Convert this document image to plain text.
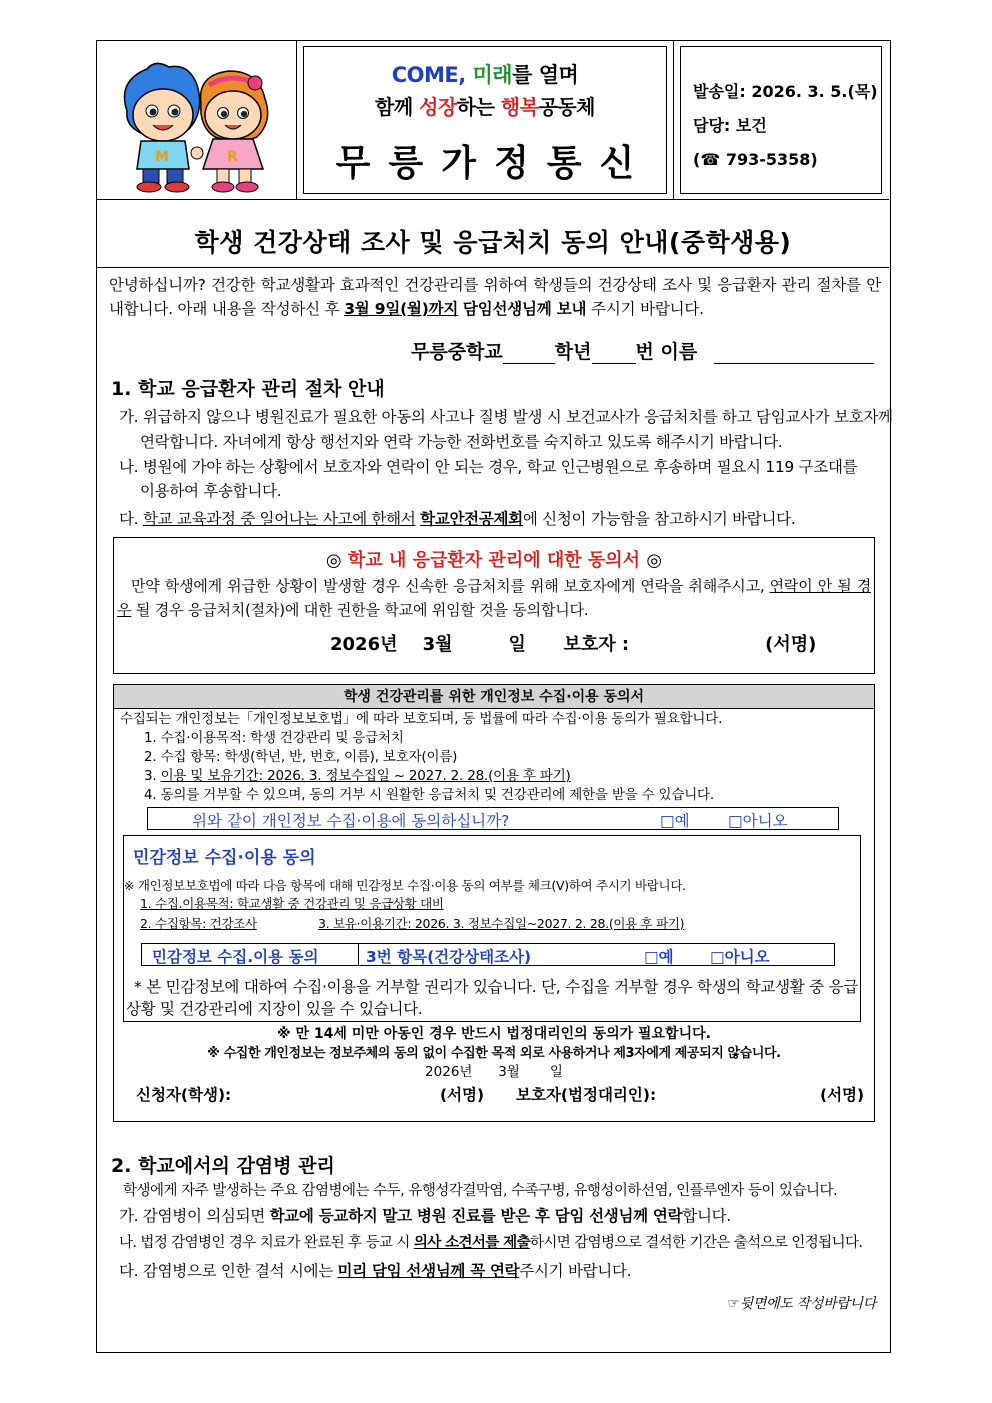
M	R
COME, 미래를 열며
함께 성장하는 행복공동체
무릉가정통신
발송일: 2026. 3. 5.(목)
담당: 보건
(☎ 793-5358)
학생 건강상태 조사 및 응급처치 동의 안내(중학생용)
안녕하십니까? 건강한 학교생활과 효과적인 건강관리를 위하여 학생들의 건강상태 조사 및 응급환자 관리 절차를 안내합니다. 아래 내용을 작성하신 후 3월 9일(월)까지 담임선생님께 보내 주시기 바랍니다.
무릉중학교	학년 번 이름
1. 학교 응급환자 관리 절차 안내
가. 위급하지 않으나 병원진료가 필요한 아동의 사고나 질병 발생 시 보건교사가 응급처치를 하고 담임교사가 보호자께
연락합니다. 자녀에게 항상 행선지와 연락 가능한 전화번호를 숙지하고 있도록 해주시기 바랍니다.
나. 병원에 가야 하는 상황에서 보호자와 연락이 안 되는 경우, 학교 인근병원으로 후송하며 필요시 119 구조대를
이용하여 후송합니다.
다. 학교 교육과정 중 일어나는 사고에 한해서 학교안전공제회에 신청이 가능함을 참고하시기 바랍니다.
◎ 학교 내 응급환자 관리에 대한 동의서 ◎
만약 학생에게 위급한 상황이 발생할 경우 신속한 응급처치를 위해 보호자에게 연락을 취해주시고, 연락이 안 될 경우 될 경우 응급처치(절차)에 대한 권한을 학교에 위임할 것을 동의합니다.
2026년 3월	일 보호자 :	(서명)
학생 건강관리를 위한 개인정보 수집·이용 동의서
수집되는 개인정보는「개인정보보호법」에 따라 보호되며, 동 법률에 따라 수집·이용 동의가 필요합니다.
1. 수집·이용목적: 학생 건강관리 및 응급처치
2. 수집 항목: 학생(학년, 반, 번호, 이름), 보호자(이름)
3. 이용 및 보유기간: 2026. 3. 정보수집일 ~ 2027. 2. 28.(이용 후 파기)
4. 동의를 거부할 수 있으며, 동의 거부 시 원활한 응급처치 및 건강관리에 제한을 받을 수 있습니다.
위와 같이 개인정보 수집·이용에 동의하십니까?	□예 □아니오
민감정보 수집·이용 동의
※ 개인정보보호법에 따라 다음 항목에 대해 민감정보 수집·이용 동의 여부를 체크(V)하여 주시기 바랍니다.
1. 수집.이용목적: 학교생활 중 건강관리 및 응급상황 대비
2. 수집항목: 건강조사	3. 보유·이용기간: 2026. 3. 정보수집일~2027. 2. 28.(이용 후 파기)
민감정보 수집.이용 동의	3번 항목(건강상태조사)	□예 □아니오
* 본 민감정보에 대하여 수집·이용을 거부할 권리가 있습니다. 단, 수집을 거부할 경우 학생의 학교생활 중 응급상황 및 건강관리에 지장이 있을 수 있습니다.
※ 만 14세 미만 아동인 경우 반드시 법정대리인의 동의가 필요합니다.
※ 수집한 개인정보는 정보주체의 동의 없이 수집한 목적 외로 사용하거나 제3자에게 제공되지 않습니다.
2026년 3월 일
신청자(학생):	(서명) 보호자(법정대리인):	(서명)
2. 학교에서의 감염병 관리
학생에게 자주 발생하는 주요 감염병에는 수두, 유행성각결막염, 수족구병, 유행성이하선염, 인플루엔자 등이 있습니다.
가. 감염병이 의심되면 학교에 등교하지 말고 병원 진료를 받은 후 담임 선생님께 연락합니다.
나. 법정 감염병인 경우 치료가 완료된 후 등교 시 의사 소견서를 제출하시면 감염병으로 결석한 기간은 출석으로 인정됩니다.
다. 감염병으로 인한 결석 시에는 미리 담임 선생님께 꼭 연락주시기 바랍니다.
☞뒷면에도 작성바랍니다
